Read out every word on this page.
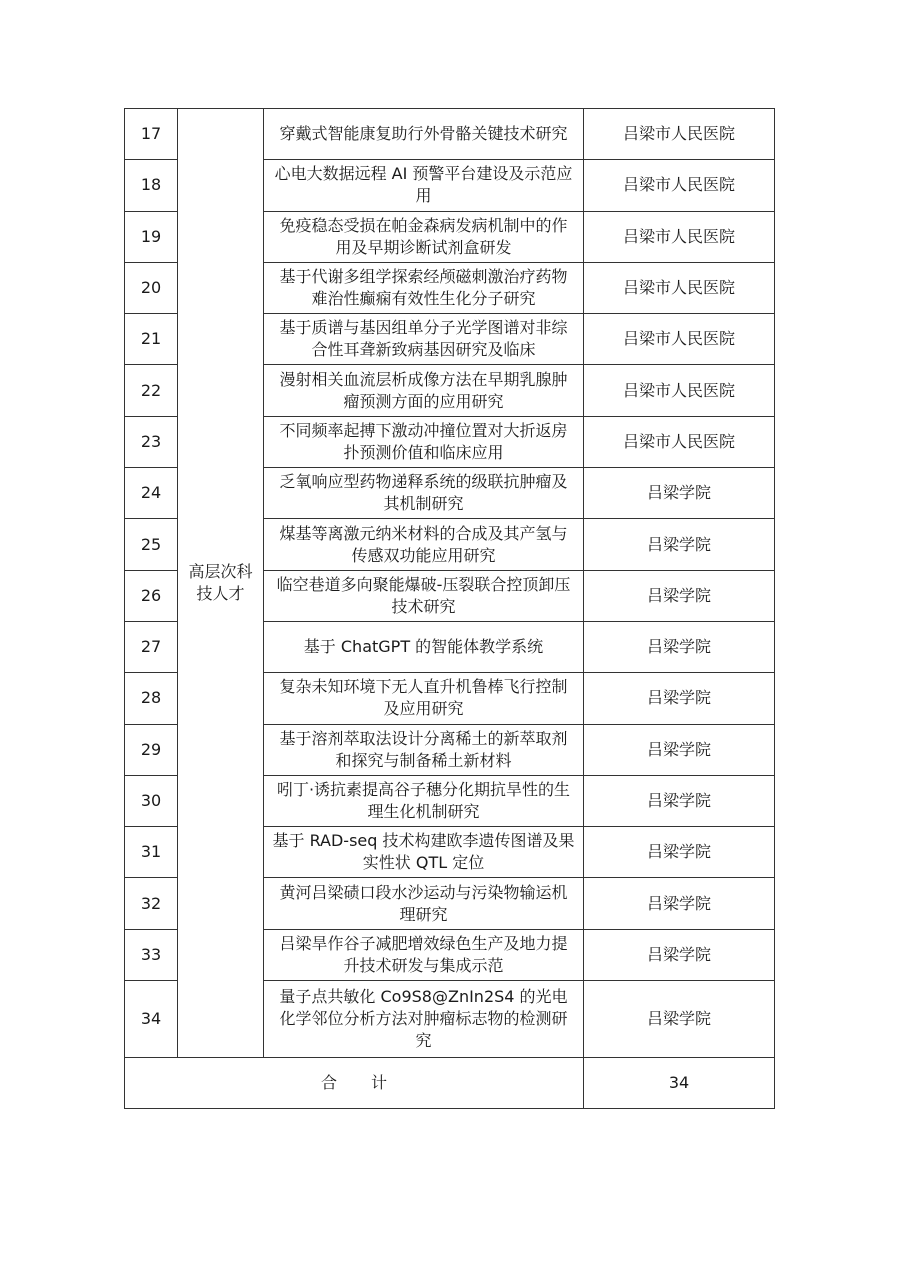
17	高层次科技人才	穿戴式智能康复助行外骨骼关键技术研究	吕梁市人民医院
18		心电大数据远程 AI 预警平台建设及示范应用	吕梁市人民医院
19		免疫稳态受损在帕金森病发病机制中的作用及早期诊断试剂盒研发	吕梁市人民医院
20		基于代谢多组学探索经颅磁刺激治疗药物难治性癫痫有效性生化分子研究	吕梁市人民医院
21		基于质谱与基因组单分子光学图谱对非综合性耳聋新致病基因研究及临床	吕梁市人民医院
22		漫射相关血流层析成像方法在早期乳腺肿瘤预测方面的应用研究	吕梁市人民医院
23		不同频率起搏下激动冲撞位置对大折返房扑预测价值和临床应用	吕梁市人民医院
24		乏氧响应型药物递释系统的级联抗肿瘤及其机制研究	吕梁学院
25		煤基等离激元纳米材料的合成及其产氢与传感双功能应用研究	吕梁学院
26		临空巷道多向聚能爆破-压裂联合控顶卸压技术研究	吕梁学院
27		基于 ChatGPT 的智能体教学系统	吕梁学院
28		复杂未知环境下无人直升机鲁棒飞行控制及应用研究	吕梁学院
29		基于溶剂萃取法设计分离稀土的新萃取剂和探究与制备稀土新材料	吕梁学院
30		吲丁·诱抗素提高谷子穗分化期抗旱性的生理生化机制研究	吕梁学院
31		基于 RAD-seq 技术构建欧李遗传图谱及果实性状 QTL 定位	吕梁学院
32		黄河吕梁碛口段水沙运动与污染物输运机理研究	吕梁学院
33		吕梁旱作谷子减肥增效绿色生产及地力提升技术研发与集成示范	吕梁学院
34		量子点共敏化 Co9S8@ZnIn2S4 的光电化学邻位分析方法对肿瘤标志物的检测研究	吕梁学院
合计			34
